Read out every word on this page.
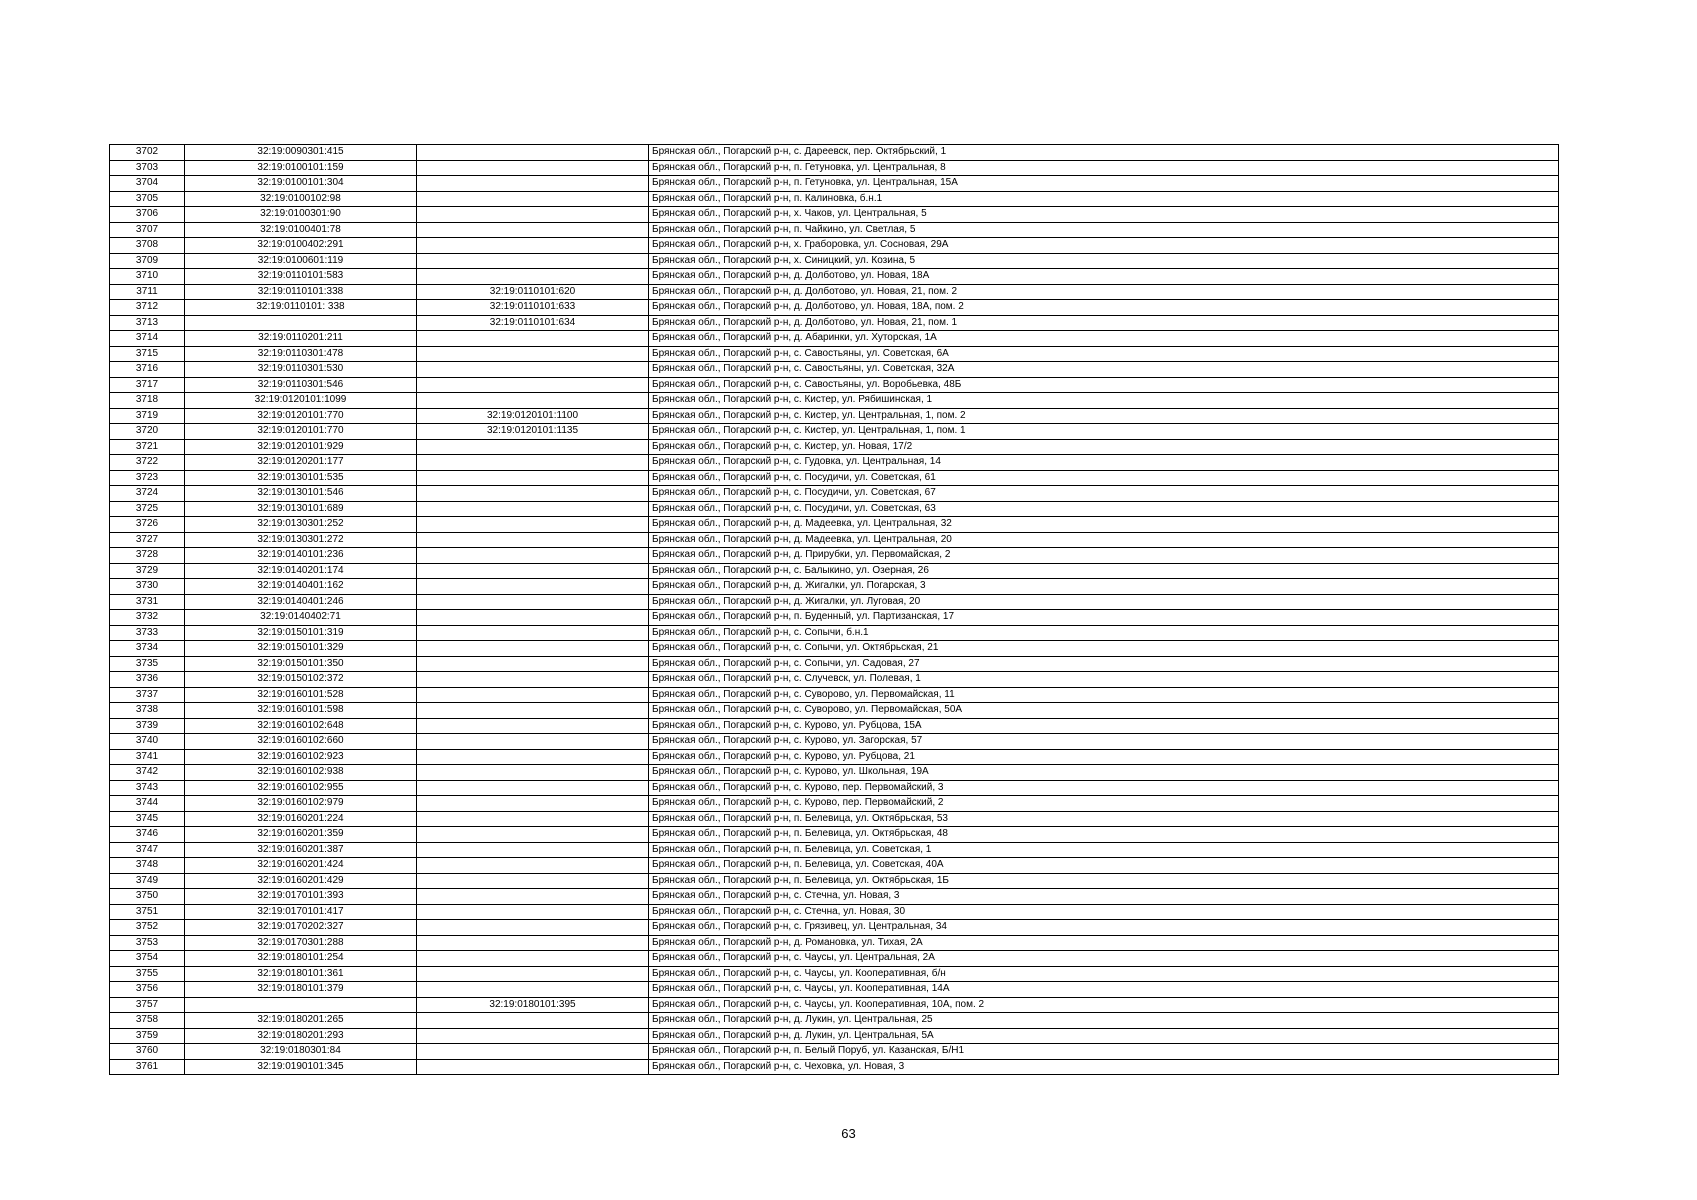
3702	32:19:0090301:415		Брянская обл., Погарский р-н, с. Дареевск, пер. Октябрьский, 1
3703	32:19:0100101:159		Брянская обл., Погарский р-н, п. Гетуновка, ул. Центральная, 8
3704	32:19:0100101:304		Брянская обл., Погарский р-н, п. Гетуновка, ул. Центральная, 15А
3705	32:19:0100102:98		Брянская обл., Погарский р-н, п. Калиновка, б.н.1
3706	32:19:0100301:90		Брянская обл., Погарский р-н, х. Чаков, ул. Центральная, 5
3707	32:19:0100401:78		Брянская обл., Погарский р-н, п. Чайкино, ул. Светлая, 5
3708	32:19:0100402:291		Брянская обл., Погарский р-н, х. Граборовка, ул. Сосновая, 29А
3709	32:19:0100601:119		Брянская обл., Погарский р-н, х. Синицкий, ул. Козина, 5
3710	32:19:0110101:583		Брянская обл., Погарский р-н, д. Долботово, ул. Новая, 18А
3711	32:19:0110101:338	32:19:0110101:620	Брянская обл., Погарский р-н, д. Долботово, ул. Новая, 21, пом. 2
3712	32:19:0110101: 338	32:19:0110101:633	Брянская обл., Погарский р-н, д. Долботово, ул. Новая, 18А, пом. 2
3713		32:19:0110101:634	Брянская обл., Погарский р-н, д. Долботово, ул. Новая, 21, пом. 1
3714	32:19:0110201:211		Брянская обл., Погарский р-н, д. Абаринки, ул. Хуторская, 1А
3715	32:19:0110301:478		Брянская обл., Погарский р-н, с. Савостьяны, ул. Советская, 6А
3716	32:19:0110301:530		Брянская обл., Погарский р-н, с. Савостьяны, ул. Советская, 32А
3717	32:19:0110301:546		Брянская обл., Погарский р-н, с. Савостьяны, ул. Воробьевка, 48Б
3718	32:19:0120101:1099		Брянская обл., Погарский р-н, с. Кистер, ул. Рябишинская, 1
3719	32:19:0120101:770	32:19:0120101:1100	Брянская обл., Погарский р-н, с. Кистер, ул. Центральная, 1, пом. 2
3720	32:19:0120101:770	32:19:0120101:1135	Брянская обл., Погарский р-н, с. Кистер, ул. Центральная, 1, пом. 1
3721	32:19:0120101:929		Брянская обл., Погарский р-н, с. Кистер, ул. Новая, 17/2
3722	32:19:0120201:177		Брянская обл., Погарский р-н, с. Гудовка, ул. Центральная, 14
3723	32:19:0130101:535		Брянская обл., Погарский р-н, с. Посудичи, ул. Советская, 61
3724	32:19:0130101:546		Брянская обл., Погарский р-н, с. Посудичи, ул. Советская, 67
3725	32:19:0130101:689		Брянская обл., Погарский р-н, с. Посудичи, ул. Советская, 63
3726	32:19:0130301:252		Брянская обл., Погарский р-н, д. Мадеевка, ул. Центральная, 32
3727	32:19:0130301:272		Брянская обл., Погарский р-н, д. Мадеевка, ул. Центральная, 20
3728	32:19:0140101:236		Брянская обл., Погарский р-н, д. Прирубки, ул. Первомайская, 2
3729	32:19:0140201:174		Брянская обл., Погарский р-н, с. Балыкино, ул. Озерная, 26
3730	32:19:0140401:162		Брянская обл., Погарский р-н, д. Жигалки, ул. Погарская, 3
3731	32:19:0140401:246		Брянская обл., Погарский р-н, д. Жигалки, ул. Луговая, 20
3732	32:19:0140402:71		Брянская обл., Погарский р-н, п. Буденный, ул. Партизанская, 17
3733	32:19:0150101:319		Брянская обл., Погарский р-н, с. Сопычи, б.н.1
3734	32:19:0150101:329		Брянская обл., Погарский р-н, с. Сопычи, ул. Октябрьская, 21
3735	32:19:0150101:350		Брянская обл., Погарский р-н, с. Сопычи, ул. Садовая, 27
3736	32:19:0150102:372		Брянская обл., Погарский р-н, с. Случевск, ул. Полевая, 1
3737	32:19:0160101:528		Брянская обл., Погарский р-н, с. Суворово, ул. Первомайская, 11
3738	32:19:0160101:598		Брянская обл., Погарский р-н, с. Суворово, ул. Первомайская, 50А
3739	32:19:0160102:648		Брянская обл., Погарский р-н, с. Курово, ул. Рубцова, 15А
3740	32:19:0160102:660		Брянская обл., Погарский р-н, с. Курово, ул. Загорская, 57
3741	32:19:0160102:923		Брянская обл., Погарский р-н, с. Курово, ул. Рубцова, 21
3742	32:19:0160102:938		Брянская обл., Погарский р-н, с. Курово, ул. Школьная, 19А
3743	32:19:0160102:955		Брянская обл., Погарский р-н, с. Курово, пер. Первомайский, 3
3744	32:19:0160102:979		Брянская обл., Погарский р-н, с. Курово, пер. Первомайский, 2
3745	32:19:0160201:224		Брянская обл., Погарский р-н, п. Белевица, ул. Октябрьская, 53
3746	32:19:0160201:359		Брянская обл., Погарский р-н, п. Белевица, ул. Октябрьская, 48
3747	32:19:0160201:387		Брянская обл., Погарский р-н, п. Белевица, ул. Советская, 1
3748	32:19:0160201:424		Брянская обл., Погарский р-н, п. Белевица, ул. Советская, 40А
3749	32:19:0160201:429		Брянская обл., Погарский р-н, п. Белевица, ул. Октябрьская, 1Б
3750	32:19:0170101:393		Брянская обл., Погарский р-н, с. Стечна, ул. Новая, 3
3751	32:19:0170101:417		Брянская обл., Погарский р-н, с. Стечна, ул. Новая, 30
3752	32:19:0170202:327		Брянская обл., Погарский р-н, с. Грязивец, ул. Центральная, 34
3753	32:19:0170301:288		Брянская обл., Погарский р-н, д. Романовка, ул. Тихая, 2А
3754	32:19:0180101:254		Брянская обл., Погарский р-н, с. Чаусы, ул. Центральная, 2А
3755	32:19:0180101:361		Брянская обл., Погарский р-н, с. Чаусы, ул. Кооперативная, б/н
3756	32:19:0180101:379		Брянская обл., Погарский р-н, с. Чаусы, ул. Кооперативная, 14А
3757		32:19:0180101:395	Брянская обл., Погарский р-н, с. Чаусы, ул. Кооперативная, 10А, пом. 2
3758	32:19:0180201:265		Брянская обл., Погарский р-н, д. Лукин, ул. Центральная, 25
3759	32:19:0180201:293		Брянская обл., Погарский р-н, д. Лукин, ул. Центральная, 5А
3760	32:19:0180301:84		Брянская обл., Погарский р-н, п. Белый Поруб, ул. Казанская, Б/Н1
3761	32:19:0190101:345		Брянская обл., Погарский р-н, с. Чеховка, ул. Новая, 3
63
